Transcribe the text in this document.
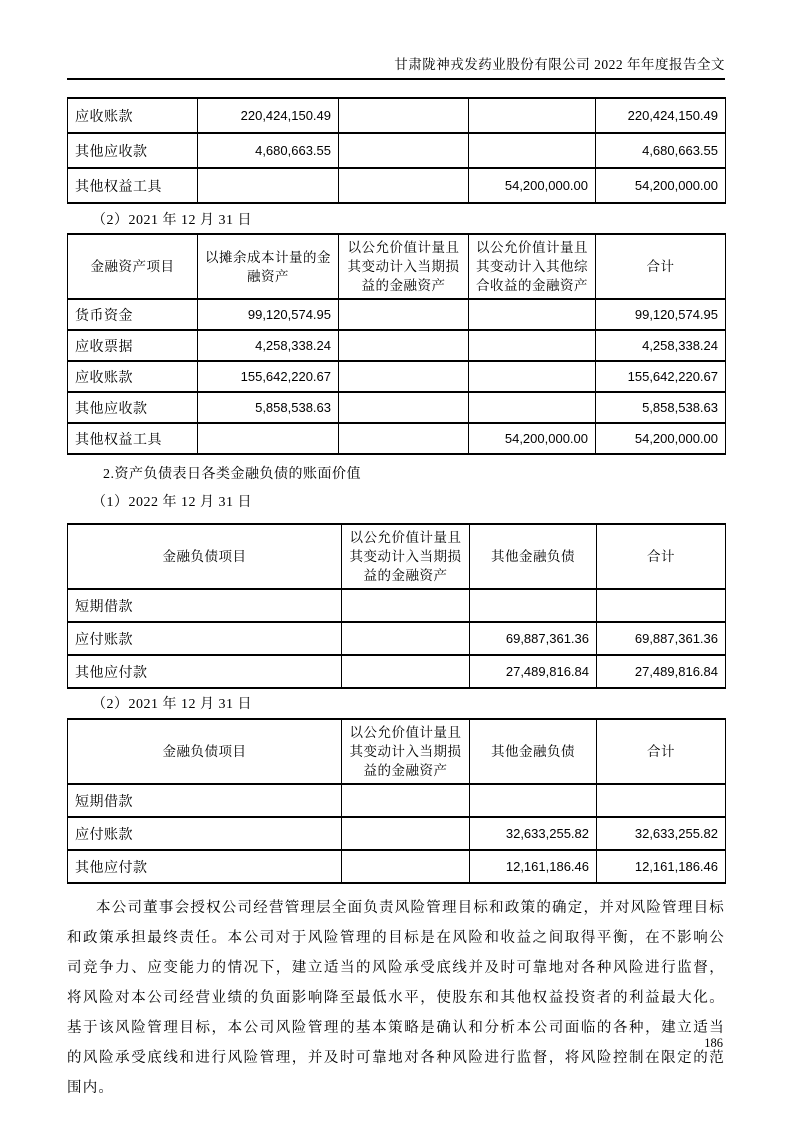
甘肃陇神戎发药业股份有限公司 2022 年年度报告全文
应收账款	220,424,150.49			220,424,150.49
其他应收款	4,680,663.55			4,680,663.55
其他权益工具			54,200,000.00	54,200,000.00
（2）2021 年 12 月 31 日
金融资产项目	以摊余成本计量的金融资产	以公允价值计量且其变动计入当期损益的金融资产	以公允价值计量且其变动计入其他综合收益的金融资产	合计
货币资金	99,120,574.95			99,120,574.95
应收票据	4,258,338.24			4,258,338.24
应收账款	155,642,220.67			155,642,220.67
其他应收款	5,858,538.63			5,858,538.63
其他权益工具			54,200,000.00	54,200,000.00
2.资产负债表日各类金融负债的账面价值
（1）2022 年 12 月 31 日
金融负债项目	以公允价值计量且其变动计入当期损益的金融资产	其他金融负债	合计
短期借款			
应付账款		69,887,361.36	69,887,361.36
其他应付款		27,489,816.84	27,489,816.84
（2）2021 年 12 月 31 日
金融负债项目	以公允价值计量且其变动计入当期损益的金融资产	其他金融负债	合计
短期借款			
应付账款		32,633,255.82	32,633,255.82
其他应付款		12,161,186.46	12,161,186.46
本公司董事会授权公司经营管理层全面负责风险管理目标和政策的确定，并对风险管理目标和政策承担最终责任。本公司对于风险管理的目标是在风险和收益之间取得平衡，在不影响公司竞争力、应变能力的情况下，建立适当的风险承受底线并及时可靠地对各种风险进行监督，将风险对本公司经营业绩的负面影响降至最低水平，使股东和其他权益投资者的利益最大化。基于该风险管理目标，本公司风险管理的基本策略是确认和分析本公司面临的各种，建立适当的风险承受底线和进行风险管理，并及时可靠地对各种风险进行监督，将风险控制在限定的范围内。
186
